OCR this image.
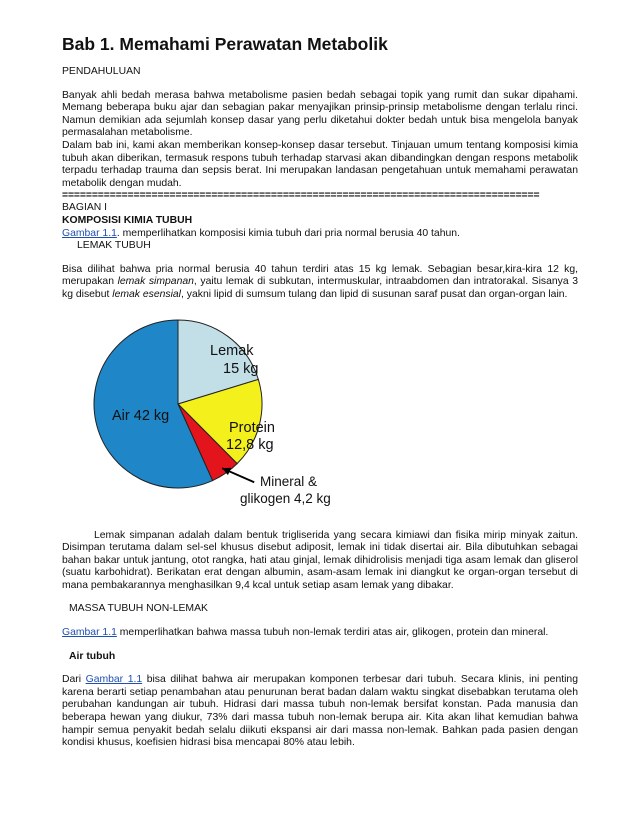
Bab 1. Memahami Perawatan Metabolik

PENDAHULUAN

Banyak ahli bedah merasa bahwa metabolisme pasien bedah sebagai topik yang rumit dan sukar dipahami. Memang beberapa buku ajar dan sebagian pakar menyajikan prinsip-prinsip metabolisme dengan terlalu rinci. Namun demikian ada sejumlah konsep dasar yang perlu diketahui dokter bedah untuk bisa mengelola banyak permasalahan metabolisme.

Dalam bab ini, kami akan memberikan konsep-konsep dasar tersebut. Tinjauan umum tentang komposisi kimia tubuh akan diberikan, termasuk respons tubuh terhadap starvasi akan dibandingkan dengan respons metabolik terpadu terhadap trauma dan sepsis berat. Ini merupakan landasan pengetahuan untuk memahami perawatan metabolik dengan mudah.

================================================================================

BAGIAN I

KOMPOSISI KIMIA TUBUH

Gambar 1.1. memperlihatkan komposisi kimia tubuh dari pria normal berusia 40 tahun.

LEMAK TUBUH

Bisa dilihat bahwa pria normal berusia 40 tahun terdiri atas 15 kg lemak. Sebagian besar,kira-kira 12 kg, merupakan lemak simpanan, yaitu lemak di subkutan, intermuskular, intraabdomen dan intratorakal. Sisanya 3 kg disebut lemak esensial, yakni lipid di sumsum tulang dan lipid di susunan saraf pusat dan organ-organ lain.

Lemak
15 kg
Protein
12,8 kg
Air 42 kg
Mineral &
glikogen 4,2 kg

Lemak simpanan adalah dalam bentuk trigliserida yang secara kimiawi dan fisika mirip minyak zaitun. Disimpan terutama dalam sel-sel khusus disebut adiposit, lemak ini tidak disertai air. Bila dibutuhkan sebagai bahan bakar untuk jantung, otot rangka, hati atau ginjal, lemak dihidrolisis menjadi tiga asam lemak dan gliserol (suatu karbohidrat). Berikatan erat dengan albumin, asam-asam lemak ini diangkut ke organ-organ tersebut di mana pembakarannya menghasilkan 9,4 kcal untuk setiap asam lemak yang dibakar.

MASSA TUBUH NON-LEMAK

Gambar 1.1 memperlihatkan bahwa massa tubuh non-lemak terdiri atas air, glikogen, protein dan mineral.

Air tubuh

Dari Gambar 1.1 bisa dilihat bahwa air merupakan komponen terbesar dari tubuh. Secara klinis, ini penting karena berarti setiap penambahan atau penurunan berat badan dalam waktu singkat disebabkan terutama oleh perubahan kandungan air tubuh. Hidrasi dari massa tubuh non-lemak bersifat konstan. Pada manusia dan beberapa hewan yang diukur, 73% dari massa tubuh non-lemak berupa air. Kita akan lihat kemudian bahwa hampir semua penyakit bedah selalu diikuti ekspansi air dari massa non-lemak. Bahkan pada pasien dengan kondisi khusus, koefisien hidrasi bisa mencapai 80% atau lebih.
